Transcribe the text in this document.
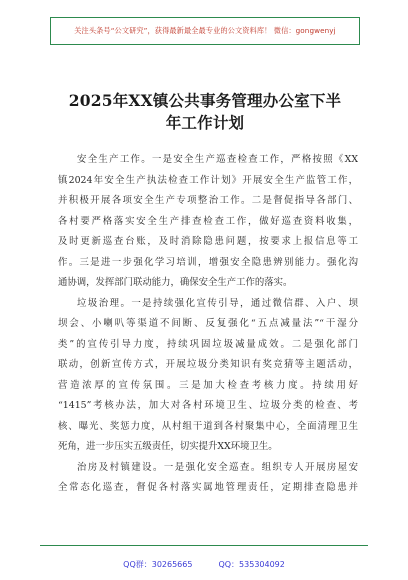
关注头条号“公文研究”，获得最新最全最专业的公文资料库！ 微信：gongwenyj
2025年XX镇公共事务管理办公室下半
年工作计划
安全生产工作。一是安全生产巡查检查工作，严格按照《XX
镇2024年安全生产执法检查工作计划》开展安全生产监管工作，
并积极开展各项安全生产专项整治工作。二是督促指导各部门、
各村要严格落实安全生产排查检查工作，做好巡查资料收集，
及时更新巡查台账，及时消除隐患问题，按要求上报信息等工
作。三是进一步强化学习培训，增强安全隐患辨别能力。强化沟
通协调，发挥部门联动能力，确保安全生产工作的落实。
垃圾治理。一是持续强化宣传引导，通过微信群、入户、坝
坝会、小喇叭等渠道不间断、反复强化“五点减量法”“干湿分
类”的宣传引导力度，持续巩固垃圾减量成效。二是强化部门
联动，创新宣传方式，开展垃圾分类知识有奖竞猜等主题活动，
营造浓厚的宣传氛围。三是加大检查考核力度。持续用好
“1415”考核办法，加大对各村环境卫生、垃圾分类的检查、考
核、曝光、奖惩力度，从村组干道到各村聚集中心，全面清理卫生
死角，进一步压实五级责任，切实提升XX环境卫生。
治房及村镇建设。一是强化安全巡查。组织专人开展房屋安
全常态化巡查，督促各村落实属地管理责任，定期排查隐患并
QQ群：30265665	QQ：535304092
